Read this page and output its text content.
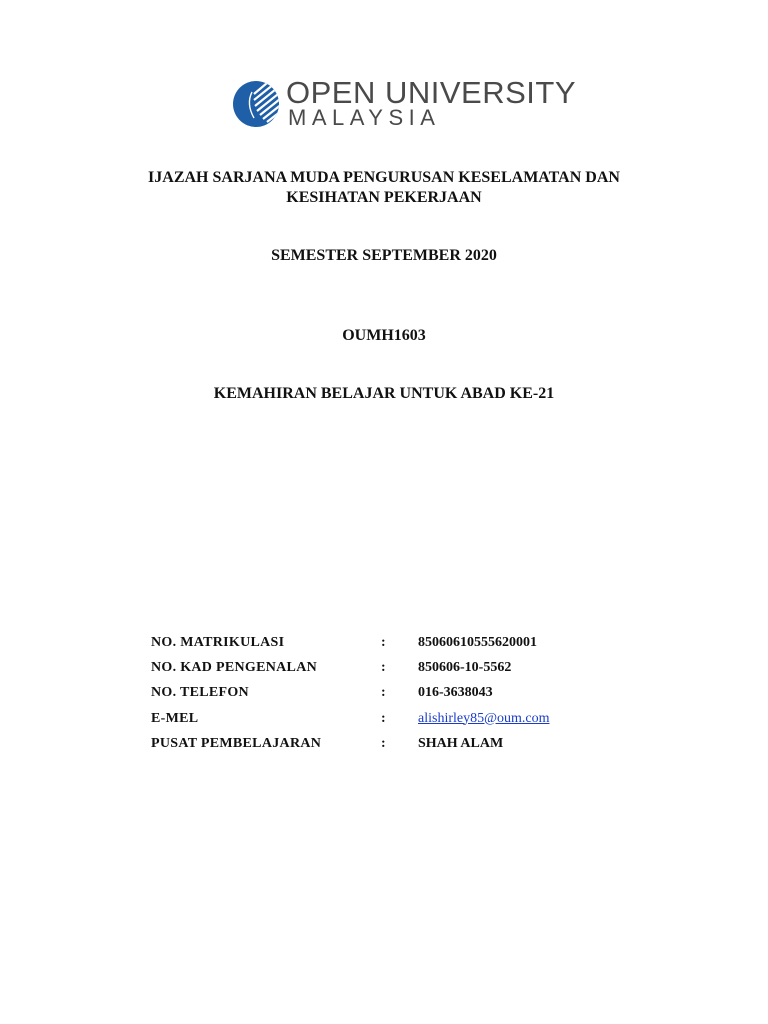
OPEN UNIVERSITY
MALAYSIA
IJAZAH SARJANA MUDA PENGURUSAN KESELAMATAN DAN
KESIHATAN PEKERJAAN
SEMESTER SEPTEMBER 2020
OUMH1603
KEMAHIRAN BELAJAR UNTUK ABAD KE-21
NO. MATRIKULASI	:	850606105556200​01
NO. KAD PENGENALAN	:	850606-10-5562
NO. TELEFON	:	016-3638043
E-MEL	:	alishirley85@oum.com
PUSAT PEMBELAJARAN	:	SHAH ALAM
